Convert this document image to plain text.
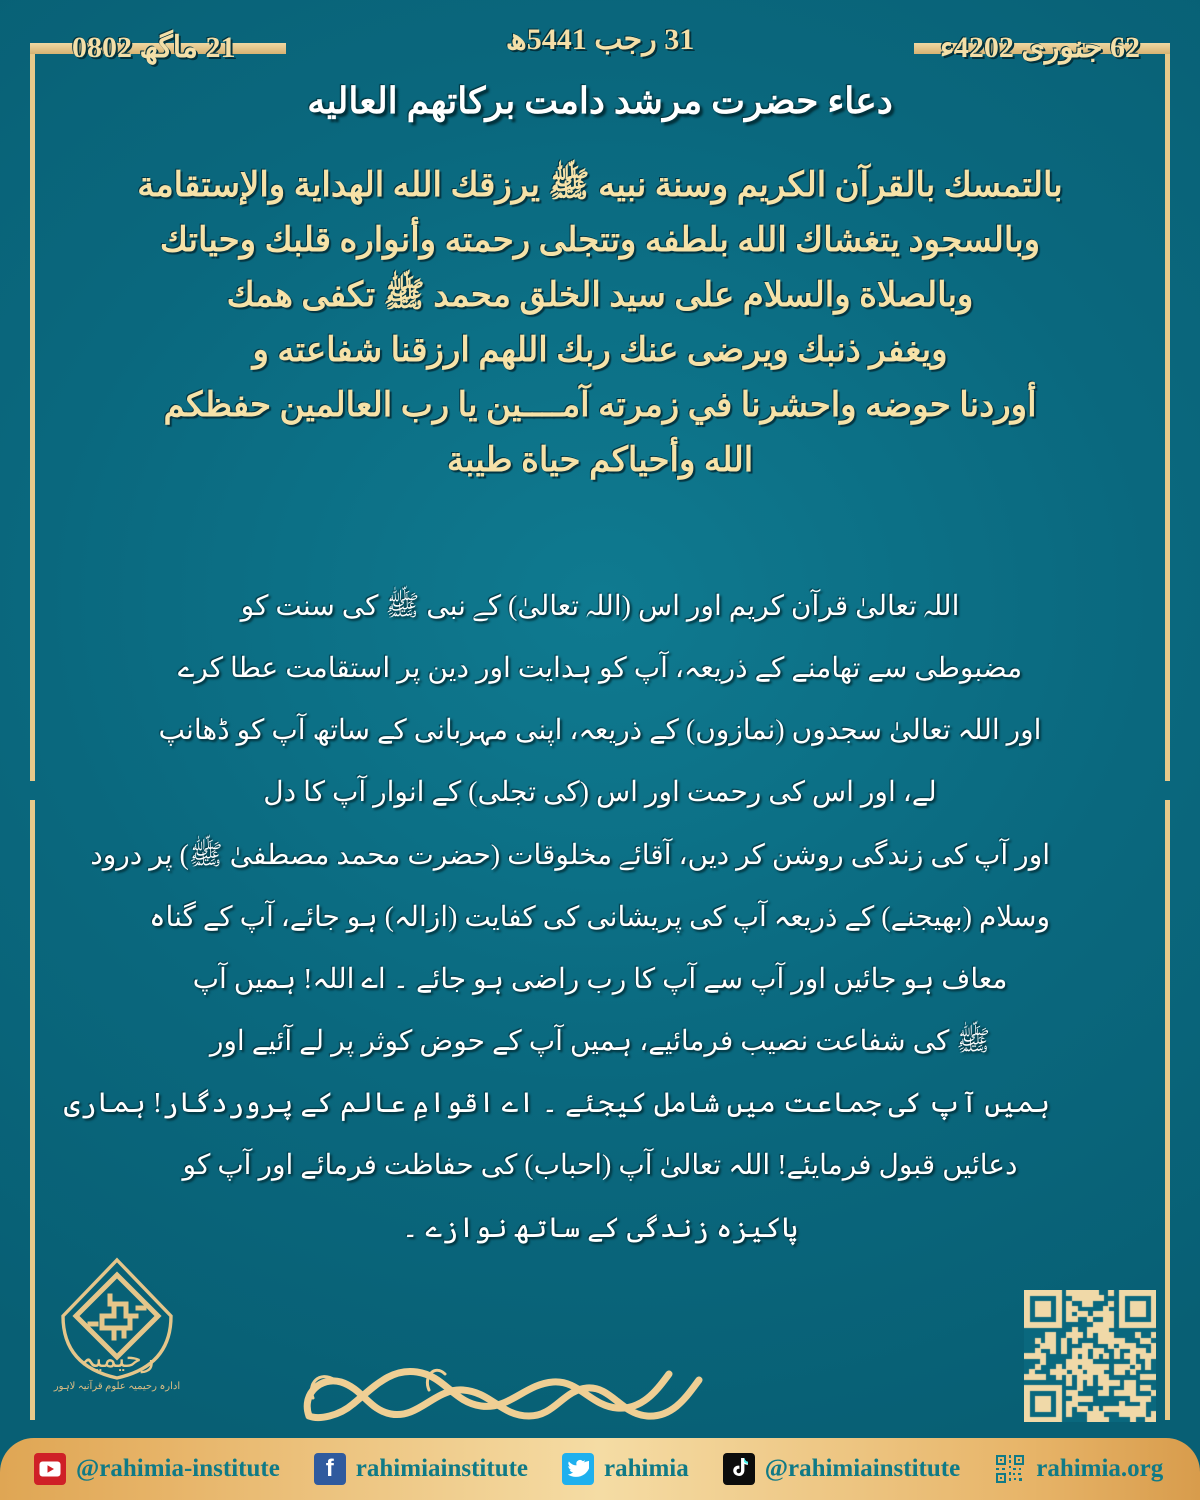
12 ماگھ 2080	13 رجب 1445ھ	26 جنوری 2024ء
دعاء حضرت مرشد دامت برکاتهم العالیه
بالتمسك بالقرآن الكريم وسنة نبيه ﷺ يرزقك الله الهداية والإستقامة
وبالسجود يتغشاك الله بلطفه وتتجلى رحمته وأنواره قلبك وحياتك
وبالصلاة والسلام على سيد الخلق محمد ﷺ تكفى همك
ويغفر ذنبك ويرضى عنك ربك اللهم ارزقنا شفاعته و
أوردنا حوضه واحشرنا في زمرته آمــــين يا رب العالمين حفظكم
الله وأحياكم حياة طيبة
اللہ تعالیٰ قرآن کریم اور اس (اللہ تعالیٰ) کے نبی ﷺ کی سنت کو
مضبوطی سے تھامنے کے ذریعہ، آپ کو ہدایت اور دین پر استقامت عطا کرے
اور اللہ تعالیٰ سجدوں (نمازوں) کے ذریعہ، اپنی مہربانی کے ساتھ آپ کو ڈھانپ
لے، اور اس کی رحمت اور اس (کی تجلی) کے انوار آپ کا دل
اور آپ کی زندگی روشن کر دیں، آقائے مخلوقات (حضرت محمد مصطفیٰ ﷺ) پر درود
وسلام (بھیجنے) کے ذریعہ آپ کی پریشانی کی کفایت (ازالہ) ہو جائے، آپ کے گناہ
معاف ہو جائیں اور آپ سے آپ کا رب راضی ہو جائے ۔ اے اللہ! ہمیں آپ
ﷺ کی شفاعت نصیب فرمائیے، ہمیں آپ کے حوض کوثر پر لے آئیے اور
ہمیں آپ کی جماعت میں شامل کیجئے ۔ اے اقوامِ عالم کے پروردگار! ہماری
دعائیں قبول فرمایئے! اللہ تعالیٰ آپ (احباب) کی حفاظت فرمائے اور آپ کو
پاکیزہ زندگی کے ساتھ نوازے ۔
رحیمیہ
ادارہ رحیمیہ علوم قرآنیہ لاہور
@rahimia-institute f rahimiainstitute	rahimia	@rahimiainstitute	rahimia.org
